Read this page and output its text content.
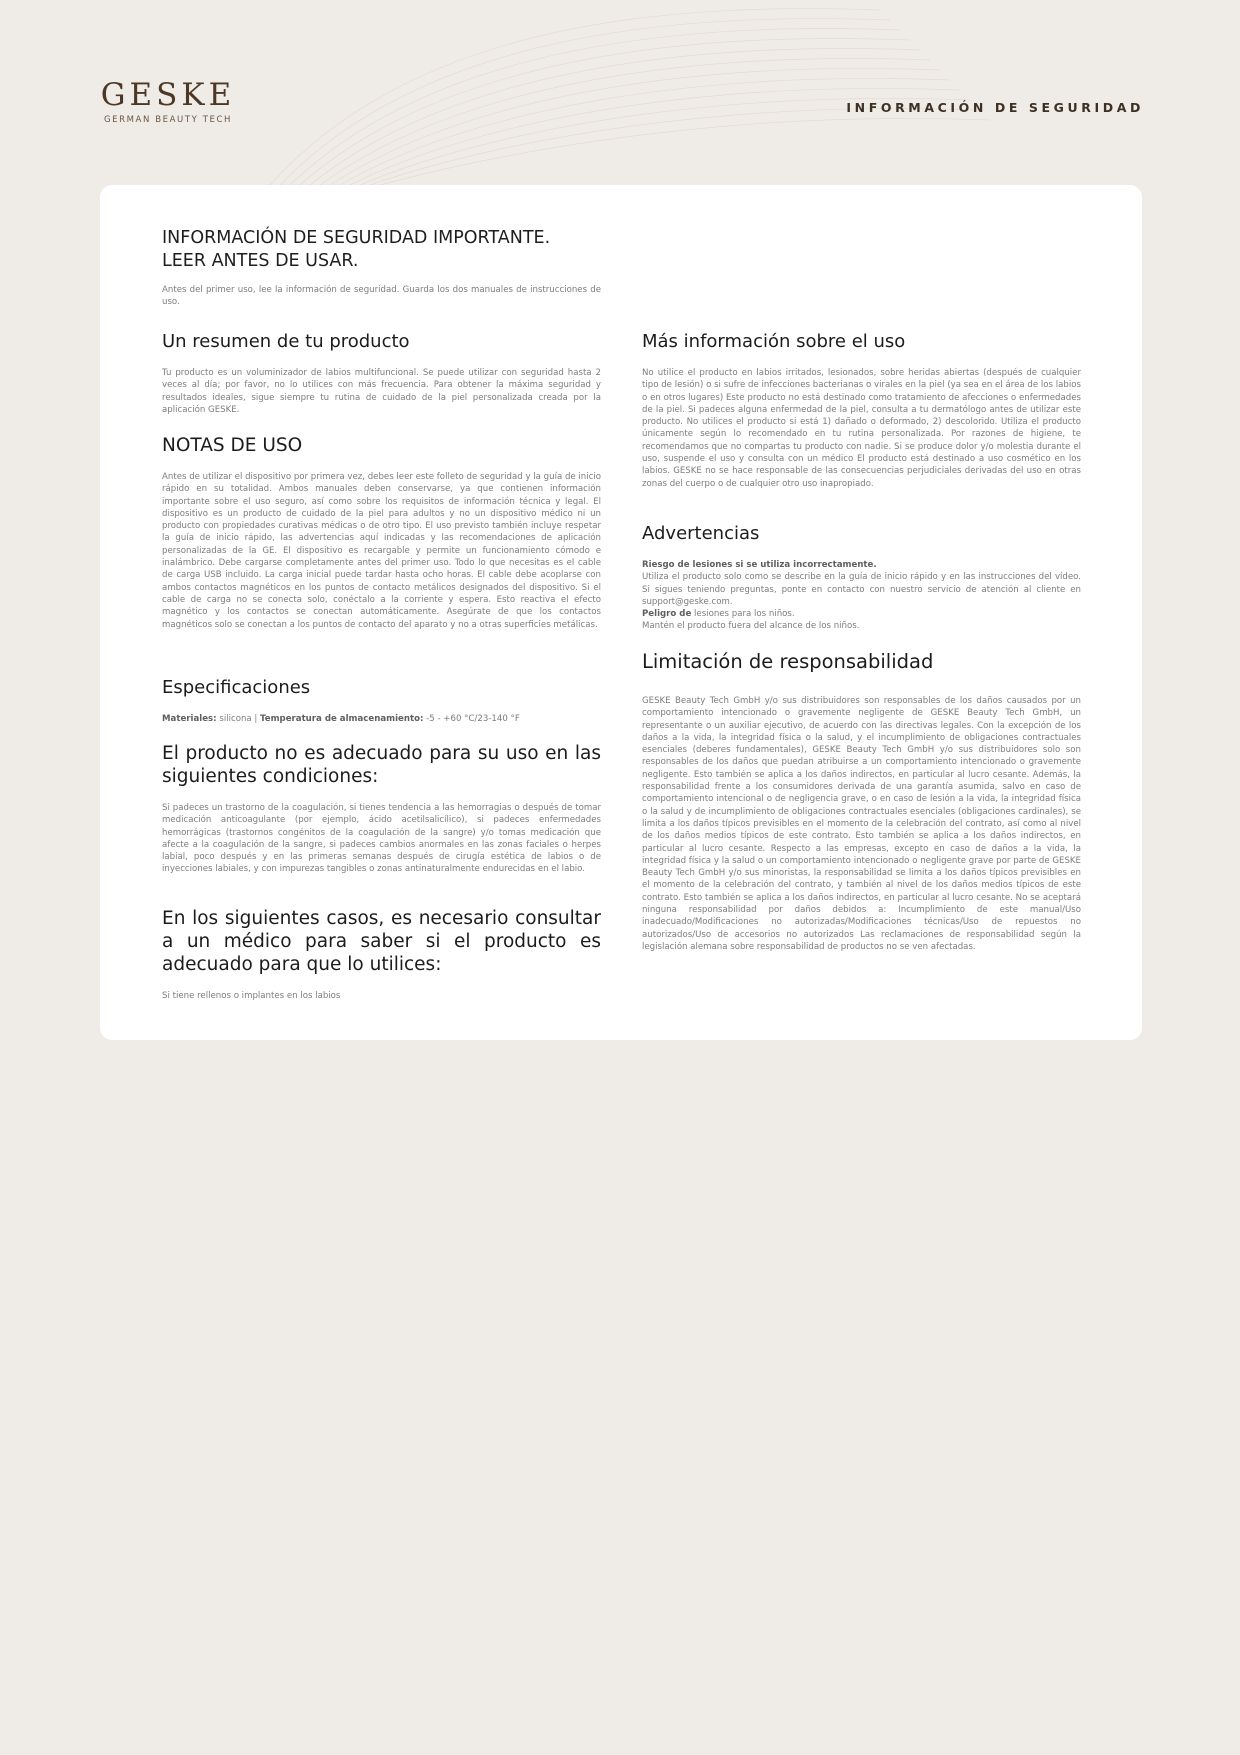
GESKE
GERMAN BEAUTY TECH
INFORMACIÓN DE SEGURIDAD
INFORMACIÓN DE SEGURIDAD IMPORTANTE.
LEER ANTES DE USAR.

Antes del primer uso, lee la información de seguridad. Guarda los dos manuales de instrucciones de uso.

Un resumen de tu producto

Tu producto es un voluminizador de labios multifuncional. Se puede utilizar con seguridad hasta 2 veces al día; por favor, no lo utilices con más frecuencia. Para obtener la máxima seguridad y resultados ideales, sigue siempre tu rutina de cuidado de la piel personalizada creada por la aplicación GESKE.

NOTAS DE USO

Antes de utilizar el dispositivo por primera vez, debes leer este folleto de seguridad y la guía de inicio rápido en su totalidad. Ambos manuales deben conservarse, ya que contienen información importante sobre el uso seguro, así como sobre los requisitos de información técnica y legal. El dispositivo es un producto de cuidado de la piel para adultos y no un dispositivo médico ni un producto con propiedades curativas médicas o de otro tipo. El uso previsto también incluye respetar la guía de inicio rápido, las advertencias aquí indicadas y las recomendaciones de aplicación personalizadas de la GE. El dispositivo es recargable y permite un funcionamiento cómodo e inalámbrico. Debe cargarse completamente antes del primer uso. Todo lo que necesitas es el cable de carga USB incluido. La carga inicial puede tardar hasta ocho horas. El cable debe acoplarse con ambos contactos magnéticos en los puntos de contacto metálicos designados del dispositivo. Si el cable de carga no se conecta solo, conéctalo a la corriente y espera. Esto reactiva el efecto magnético y los contactos se conectan automáticamente. Asegúrate de que los contactos magnéticos solo se conectan a los puntos de contacto del aparato y no a otras superficies metálicas.

Especificaciones

Materiales: silicona | Temperatura de almacenamiento: -5 - +60 °C/23-140 °F

El producto no es adecuado para su uso en las siguientes condiciones:

Si padeces un trastorno de la coagulación, si tienes tendencia a las hemorragias o después de tomar medicación anticoagulante (por ejemplo, ácido acetilsalicílico), si padeces enfermedades hemorrágicas (trastornos congénitos de la coagulación de la sangre) y/o tomas medicación que afecte a la coagulación de la sangre, si padeces cambios anormales en las zonas faciales o herpes labial, poco después y en las primeras semanas después de cirugía estética de labios o de inyecciones labiales, y con impurezas tangibles o zonas antinaturalmente endurecidas en el labio.

En los siguientes casos, es necesario consultar a un médico para saber si el producto es adecuado para que lo utilices:

Si tiene rellenos o implantes en los labios

Más información sobre el uso

No utilice el producto en labios irritados, lesionados, sobre heridas abiertas (después de cualquier tipo de lesión) o si sufre de infecciones bacterianas o virales en la piel (ya sea en el área de los labios o en otros lugares) Este producto no está destinado como tratamiento de afecciones o enfermedades de la piel. Si padeces alguna enfermedad de la piel, consulta a tu dermatólogo antes de utilizar este producto. No utilices el producto si está 1) dañado o deformado, 2) descolorido. Utiliza el producto únicamente según lo recomendado en tu rutina personalizada. Por razones de higiene, te recomendamos que no compartas tu producto con nadie. Si se produce dolor y/o molestia durante el uso, suspende el uso y consulta con un médico El producto está destinado a uso cosmético en los labios. GESKE no se hace responsable de las consecuencias perjudiciales derivadas del uso en otras zonas del cuerpo o de cualquier otro uso inapropiado.

Advertencias

Riesgo de lesiones si se utiliza incorrectamente.

Utiliza el producto solo como se describe en la guía de inicio rápido y en las instrucciones del vídeo. Si sigues teniendo preguntas, ponte en contacto con nuestro servicio de atención al cliente en support@geske.com.

Peligro de lesiones para los niños.

Mantén el producto fuera del alcance de los niños.

Limitación de responsabilidad

GESKE Beauty Tech GmbH y/o sus distribuidores son responsables de los daños causados por un comportamiento intencionado o gravemente negligente de GESKE Beauty Tech GmbH, un representante o un auxiliar ejecutivo, de acuerdo con las directivas legales. Con la excepción de los daños a la vida, la integridad física o la salud, y el incumplimiento de obligaciones contractuales esenciales (deberes fundamentales), GESKE Beauty Tech GmbH y/o sus distribuidores solo son responsables de los daños que puedan atribuirse a un comportamiento intencionado o gravemente negligente. Esto también se aplica a los daños indirectos, en particular al lucro cesante. Además, la responsabilidad frente a los consumidores derivada de una garantía asumida, salvo en caso de comportamiento intencional o de negligencia grave, o en caso de lesión a la vida, la integridad física o la salud y de incumplimiento de obligaciones contractuales esenciales (obligaciones cardinales), se limita a los daños típicos previsibles en el momento de la celebración del contrato, así como al nivel de los daños medios típicos de este contrato. Esto también se aplica a los daños indirectos, en particular al lucro cesante. Respecto a las empresas, excepto en caso de daños a la vida, la integridad física y la salud o un comportamiento intencionado o negligente grave por parte de GESKE Beauty Tech GmbH y/o sus minoristas, la responsabilidad se limita a los daños típicos previsibles en el momento de la celebración del contrato, y también al nivel de los daños medios típicos de este contrato. Esto también se aplica a los daños indirectos, en particular al lucro cesante. No se aceptará ninguna responsabilidad por daños debidos a: Incumplimiento de este manual/Uso inadecuado/Modificaciones no autorizadas/Modificaciones técnicas/Uso de repuestos no autorizados/Uso de accesorios no autorizados Las reclamaciones de responsabilidad según la legislación alemana sobre responsabilidad de productos no se ven afectadas.
